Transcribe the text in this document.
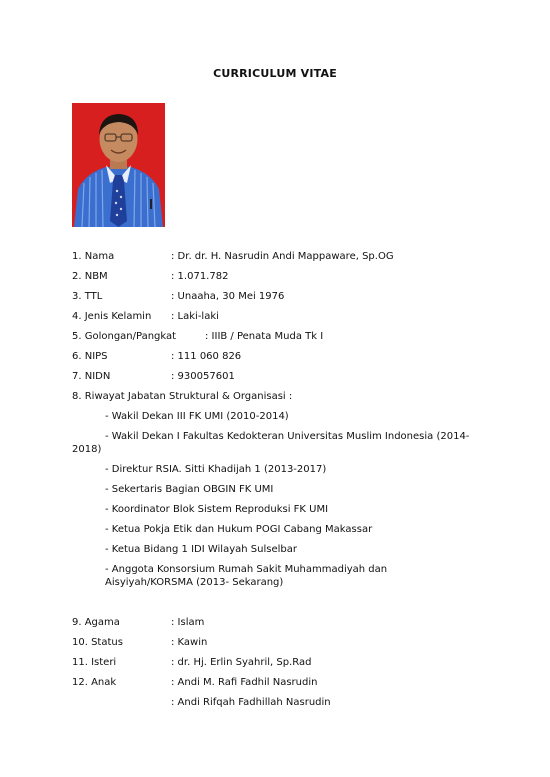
CURRICULUM VITAE
1. Nama	: Dr. dr. H. Nasrudin Andi Mappaware, Sp.OG
2. NBM	: 1.071.782
3. TTL	: Unaaha, 30 Mei 1976
4. Jenis Kelamin : Laki-laki
5. Golongan/Pangkat	: IIIB / Penata Muda Tk I
6. NIPS	: 111 060 826
7. NIDN	: 930057601
8. Riwayat Jabatan Struktural & Organisasi :
- Wakil Dekan III FK UMI (2010-2014)
- Wakil Dekan I Fakultas Kedokteran Universitas Muslim Indonesia (2014-
2018)
- Direktur RSIA. Sitti Khadijah 1 (2013-2017)
- Sekertaris Bagian OBGIN FK UMI
- Koordinator Blok Sistem Reproduksi FK UMI
- Ketua Pokja Etik dan Hukum POGI Cabang Makassar
- Ketua Bidang 1 IDI Wilayah Sulselbar
- Anggota Konsorsium Rumah Sakit Muhammadiyah dan
Aisyiyah/KORSMA (2013- Sekarang)
9. Agama	: Islam
10. Status	: Kawin
11. Isteri	: dr. Hj. Erlin Syahril, Sp.Rad
12. Anak	: Andi M. Rafi Fadhil Nasrudin
: Andi Rifqah Fadhillah Nasrudin
